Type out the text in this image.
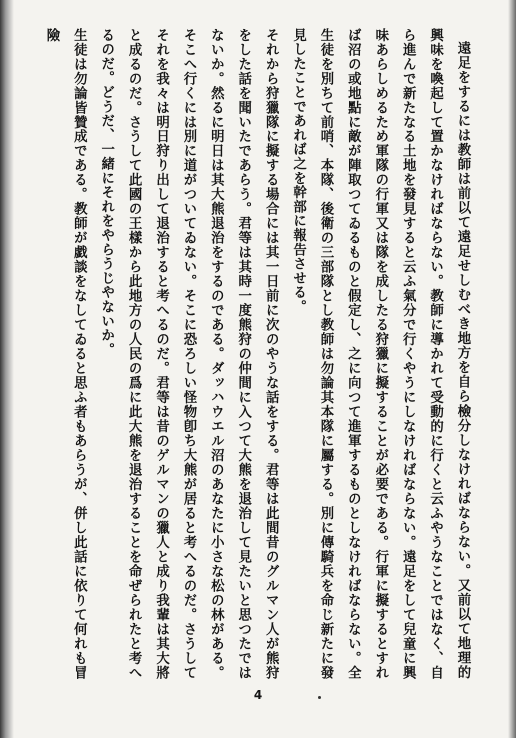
遠足をするには教師は前以て遠足せしむべき地方を自ら檢分しなければならない。又前以て地理的興味を喚起して置かなければならない。教師に導かれて受動的に行くと云ふやうなことではなく、自ら進んで新たなる土地を發見すると云ふ氣分で行くやうにしなければならない。遠足をして兒童に興味あらしめるため軍隊の行軍又は隊を成したる狩獵に擬することが必要である。行軍に擬するとすれば沼の或地點に敵が陣取つてゐるものと假定し、之に向つて進軍するものとしなければならない。全生徒を別ちて前哨、本隊、後衛の三部隊とし教師は勿論其本隊に屬する。別に傳騎兵を命じ新たに發見したことであれば之を幹部に報告させる。

それから狩獵隊に擬する場合には其一日前に次のやうな話をする。君等は此間昔のグルマン人が熊狩をした話を聞いたであらう。君等は其時一度熊狩の仲間に入つて大熊を退治して見たいと思つたではないか。然るに明日は其大熊退治をするのである。ダッハウエル沼のあなたに小さな松の林がある。そこへ行くには別に道がついてゐない。そこに恐ろしい怪物卽ち大熊が居ると考へるのだ。さうしてそれを我々は明日狩り出して退治すると考へるのだ。君等は昔のゲルマンの獵人と成り我輩は其大將と成るのだ。さうして此國の王樣から此地方の人民の爲に此大熊を退治することを命ぜられたと考へるのだ。どうだ、一緒にそれをやらうじやないか。

生徒は勿論皆贊成である。教師が戯談をなしてゐると思ふ者もあらうが、併し此話に依りて何れも冒險

4
